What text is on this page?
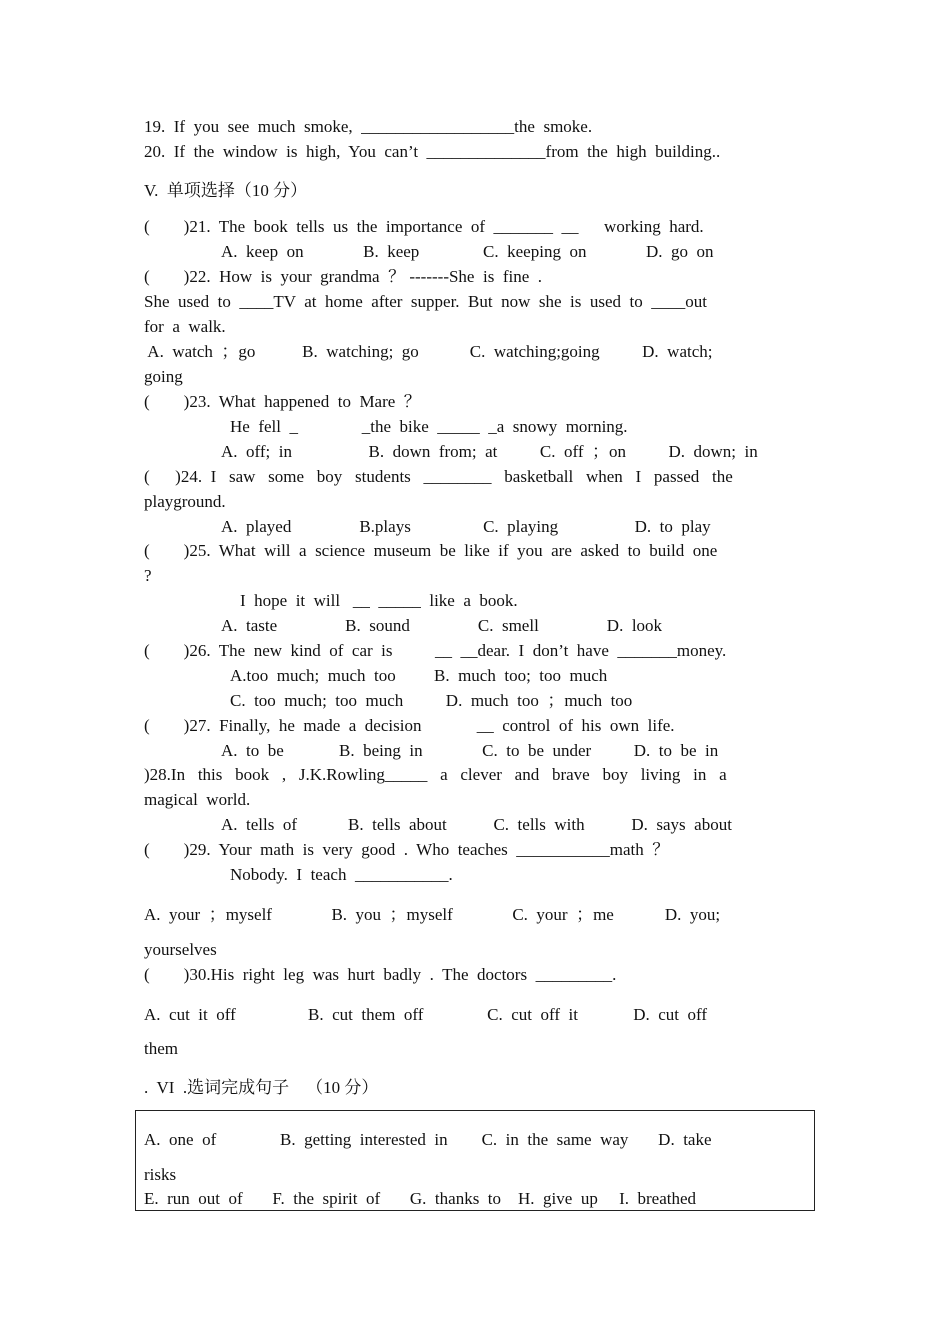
19.  If  you  see  much  smoke,  __________________the  smoke.
20.  If  the  window  is  high,  You  can’t  ______________from  the  high  building..
V.  单项选择（10 分）
(        )21.  The  book  tells  us  the  importance  of  _______  __      working  hard.
A.  keep  on              B.  keep               C.  keeping  on              D.  go  on
(        )22.  How  is  your  grandma  ？ -------She  is  fine  .
She  used  to  ____TV  at  home  after  supper.  But  now  she  is  used  to  ____out
for  a  walk.
A.  watch  ；go           B.  watching;  go            C.  watching;going          D.  watch;
going
(        )23.  What  happened  to  Mare  ？
He  fell  _               _the  bike  _____  _a  snowy  morning.
A.  off;  in                  B.  down  from;  at          C.  off  ；on          D.  down;  in
(      )24.  I   saw   some   boy   students   ________   basketball   when   I   passed   the
playground.
A.  played                B.plays                 C.  playing                  D.  to  play
(        )25.  What  will  a  science  museum  be  like  if  you  are  asked  to  build  one
?
I  hope  it  will   __  _____  like  a  book.
A.  taste                B.  sound                C.  smell                D.  look
(        )26.  The  new  kind  of  car  is          __  __dear.  I  don’t  have  _______money.
A.too  much;  much  too         B.  much  too;  too  much
C.  too  much;  too  much          D.  much  too  ；much  too
(        )27.  Finally,  he  made  a  decision             __  control  of  his  own  life.
A.  to  be             B.  being  in              C.  to  be  under          D.  to  be  in
)28.In   this   book   ,   J.K.Rowling_____   a   clever   and   brave   boy   living   in   a
magical  world.
A.  tells  of            B.  tells  about           C.  tells  with           D.  says  about
(        )29.  Your  math  is  very  good  .  Who  teaches  ___________math  ？
Nobody.  I  teach  ___________.
A.  your  ；myself              B.  you  ；myself              C.  your  ；me            D.  you;
yourselves
(        )30.His  right  leg  was  hurt  badly  .  The  doctors  _________.
A.  cut  it  off                 B.  cut  them  off               C.  cut  off  it             D.  cut  off
them
.  VI  .选词完成句子    （10 分）
A.  one  of               B.  getting  interested  in        C.  in  the  same  way       D.  take
risks
E.  run  out  of       F.  the  spirit  of       G.  thanks  to    H.  give  up     I.  breathed
